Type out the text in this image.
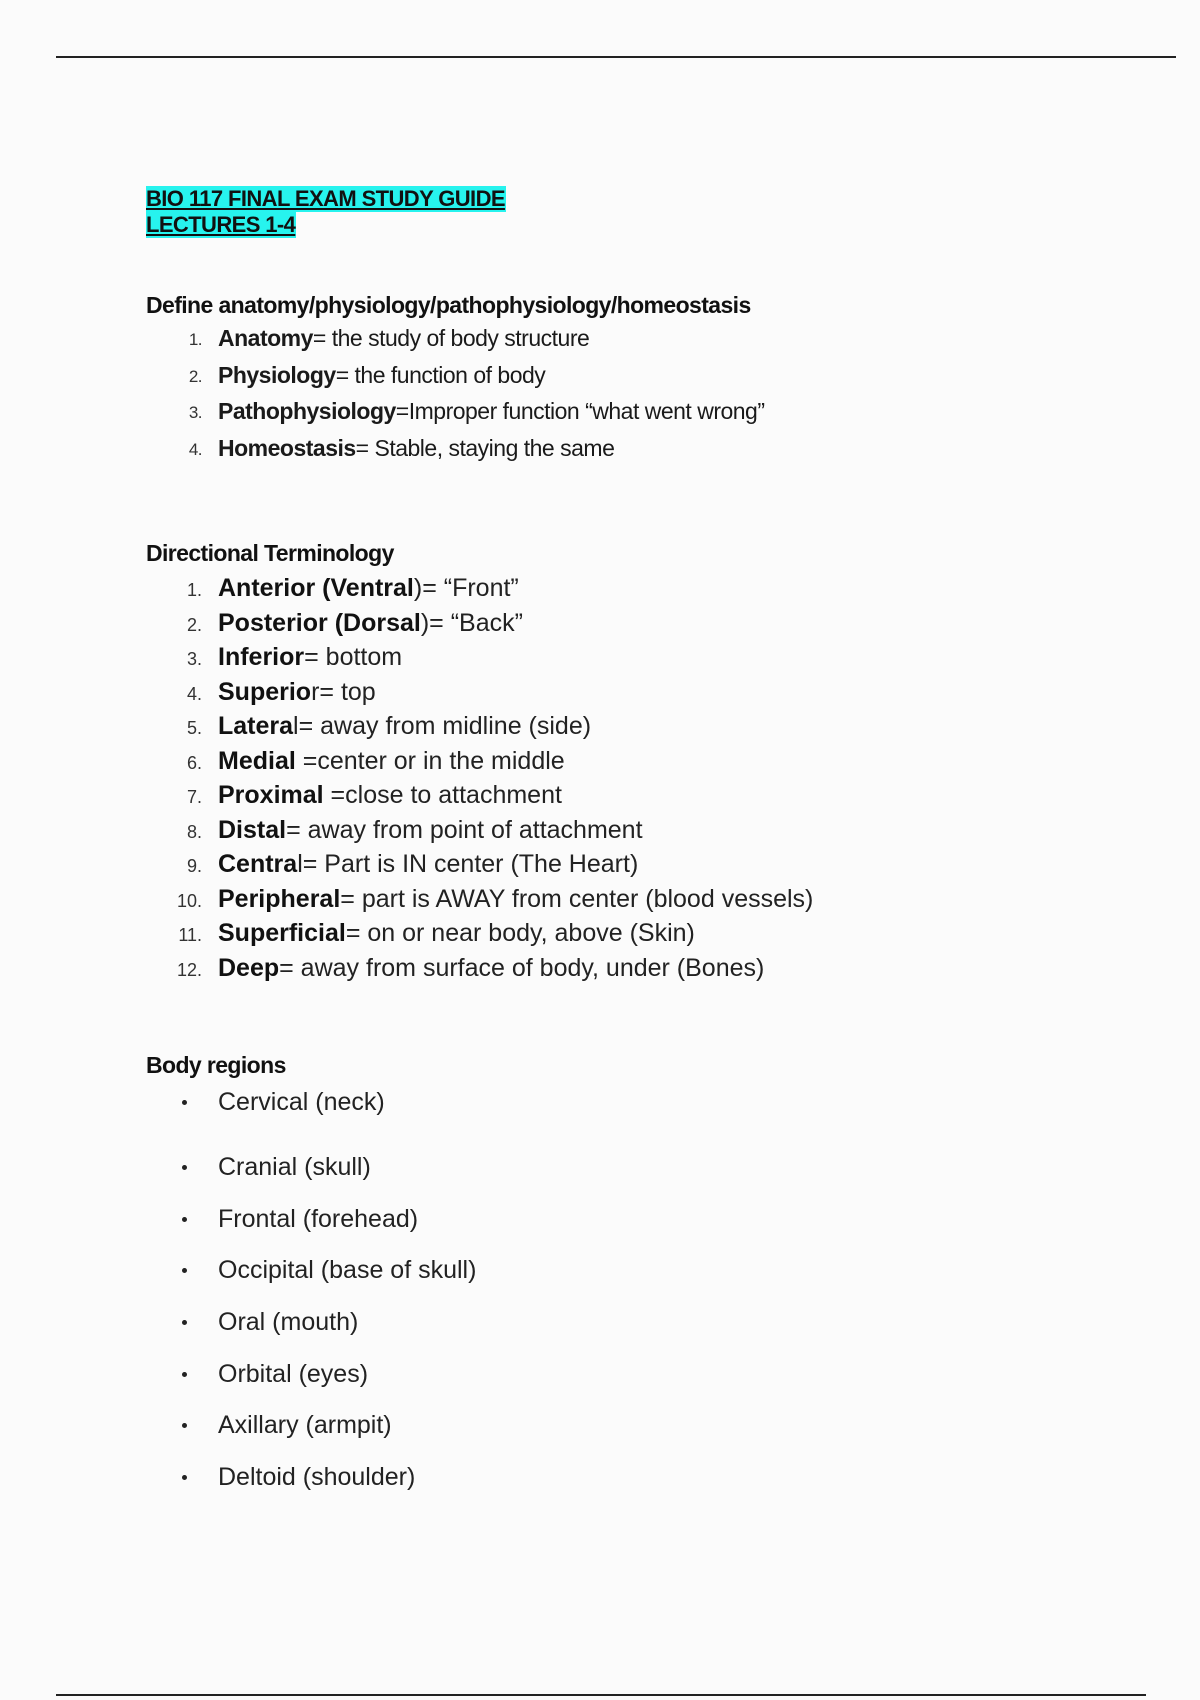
BIO 117 FINAL EXAM STUDY GUIDE
LECTURES 1-4

Define anatomy/physiology/pathophysiology/homeostasis

1. Anatomy= the study of body structure
2. Physiology= the function of body
3. Pathophysiology=Improper function “what went wrong”
4. Homeostasis= Stable, staying the same

Directional Terminology

1. Anterior (Ventral)= “Front”
2. Posterior (Dorsal)= “Back”
3. Inferior= bottom
4. Superior= top
5. Lateral= away from midline (side)
6. Medial =center or in the middle
7. Proximal =close to attachment
8. Distal= away from point of attachment
9. Central= Part is IN center (The Heart)
10. Peripheral= part is AWAY from center (blood vessels)
11. Superficial= on or near body, above (Skin)
12. Deep= away from surface of body, under (Bones)

Body regions

Cervical (neck)
Cranial (skull)
Frontal (forehead)
Occipital (base of skull)
Oral (mouth)
Orbital (eyes)
Axillary (armpit)
Deltoid (shoulder)
